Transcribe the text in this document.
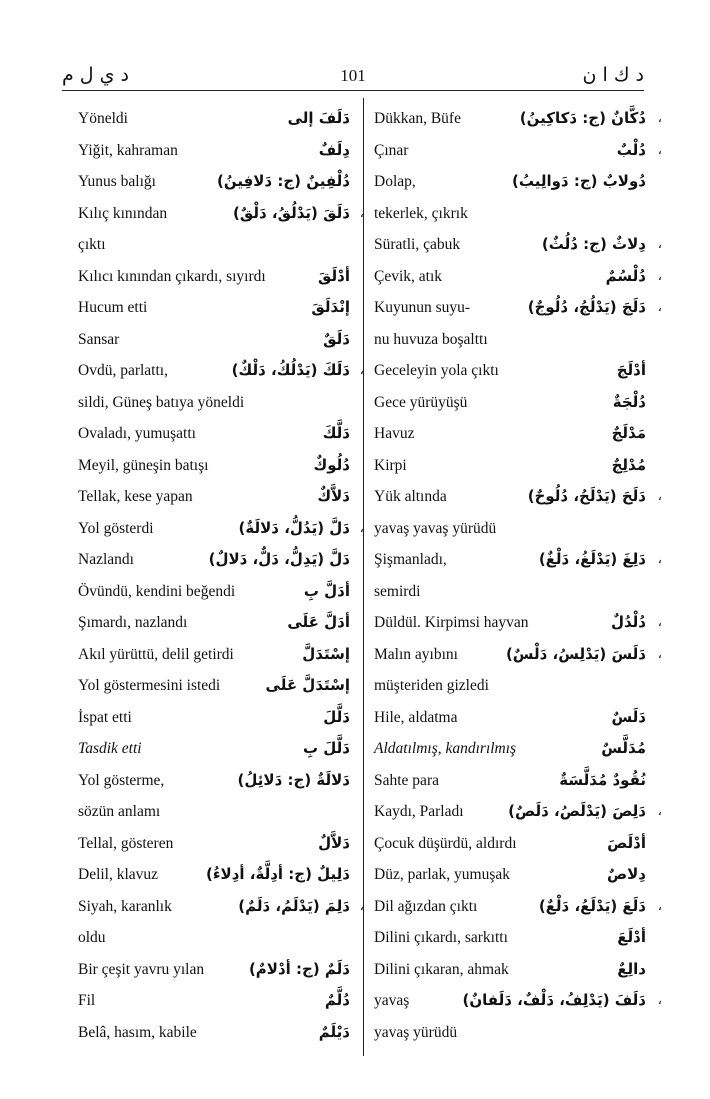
د ي ل م	101	د ك ا ن
Yöneldi	دَلَفَ إلى
Yiğit, kahraman	دِلَفٌ
Yunus balığı	دُلْفِينٌ (ج: دَلافِينُ)
Kılıç kınından	دَلَقَ (يَدْلُقُ، دَلْقٌ) ،
çıktı
Kılıcı kınından çıkardı, sıyırdı	أدْلَقَ
Hucum etti	إنْدَلَقَ
Sansar	دَلَقٌ
Ovdü, parlattı,	دَلَكَ (يَدْلُكُ، دَلْكٌ) ،
sildi, Güneş batıya yöneldi
Ovaladı, yumuşattı	دَلَّكَ
Meyil, güneşin batışı	دُلُوكٌ
Tellak, kese yapan	دَلاَّكٌ
Yol gösterdi	دَلَّ (يَدُلُّ، دَلالَةٌ) ،
Nazlandı	دَلَّ (يَدِلُّ، دَلٌّ، دَلالٌ)
Övündü, kendini beğendi	أدَلَّ بِ
Şımardı, nazlandı	أدَلَّ عَلَى
Akıl yürüttü, delil getirdi	إسْتَدَلَّ
Yol göstermesini istedi	إسْتَدَلَّ عَلَى
İspat etti	دَلَّلَ
Tasdik etti	دَلَّلَ بِ
Yol gösterme,	دَلالَةٌ (ج: دَلائِلُ)
sözün anlamı
Tellal, gösteren	دَلاَّلٌ
Delil, klavuz	دَلِيلٌ (ج: أدِلَّةٌ، أدِلاءُ)
Siyah, karanlık	دَلِمَ (يَدْلَمُ، دَلَمٌ) ،
oldu
Bir çeşit yavru yılan	دَلَمٌ (ج: أدْلامٌ)
Fil	دُلَّمٌ
Belâ, hasım, kabile	دَيْلَمٌ
Dükkan, Büfe	دُكَّانٌ (ج: دَكاكِينُ) ،
Çınar	دُلْبٌ ،
Dolap,	دُولابٌ (ج: دَوالِيبُ)
tekerlek, çıkrık
Süratli, çabuk	دِلاثٌ (ج: دُلُثٌ) ،
Çevik, atık	دُلْسُمٌ ،
Kuyunun suyu-	دَلَجَ (يَدْلُجُ، دُلُوجٌ) ،
nu huvuza boşalttı
Geceleyin yola çıktı	أدْلَجَ
Gece yürüyüşü	دُلْجَةٌ
Havuz	مَدْلَجٌ
Kirpi	مُدْلِجٌ
Yük altında	دَلَحَ (يَدْلَحُ، دُلُوحٌ) ،
yavaş yavaş yürüdü
Şişmanladı,	دَلِغَ (يَدْلَغُ، دَلْغٌ) ،
semirdi
Düldül. Kirpimsi hayvan	دُلْدُلٌ ،
Malın ayıbını	دَلَسَ (يَدْلِسُ، دَلْسٌ) ،
müşteriden gizledi
Hile, aldatma	دَلَسٌ
Aldatılmış, kandırılmış	مُدَلَّسٌ
Sahte para	نُقُودٌ مُدَلَّسَةٌ
Kaydı, Parladı	دَلِصَ (يَدْلَصُ، دَلَصٌ) ،
Çocuk düşürdü, aldırdı	أدْلَصَ
Düz, parlak, yumuşak	دِلاصٌ
Dil ağızdan çıktı	دَلَعَ (يَدْلَعُ، دَلْعٌ) ،
Dilini çıkardı, sarkıttı	أدْلَعَ
Dilini çıkaran, ahmak	دالِعٌ
yavaş	دَلَفَ (يَدْلِفُ، دَلْفٌ، دَلَفانٌ) ،
yavaş yürüdü
